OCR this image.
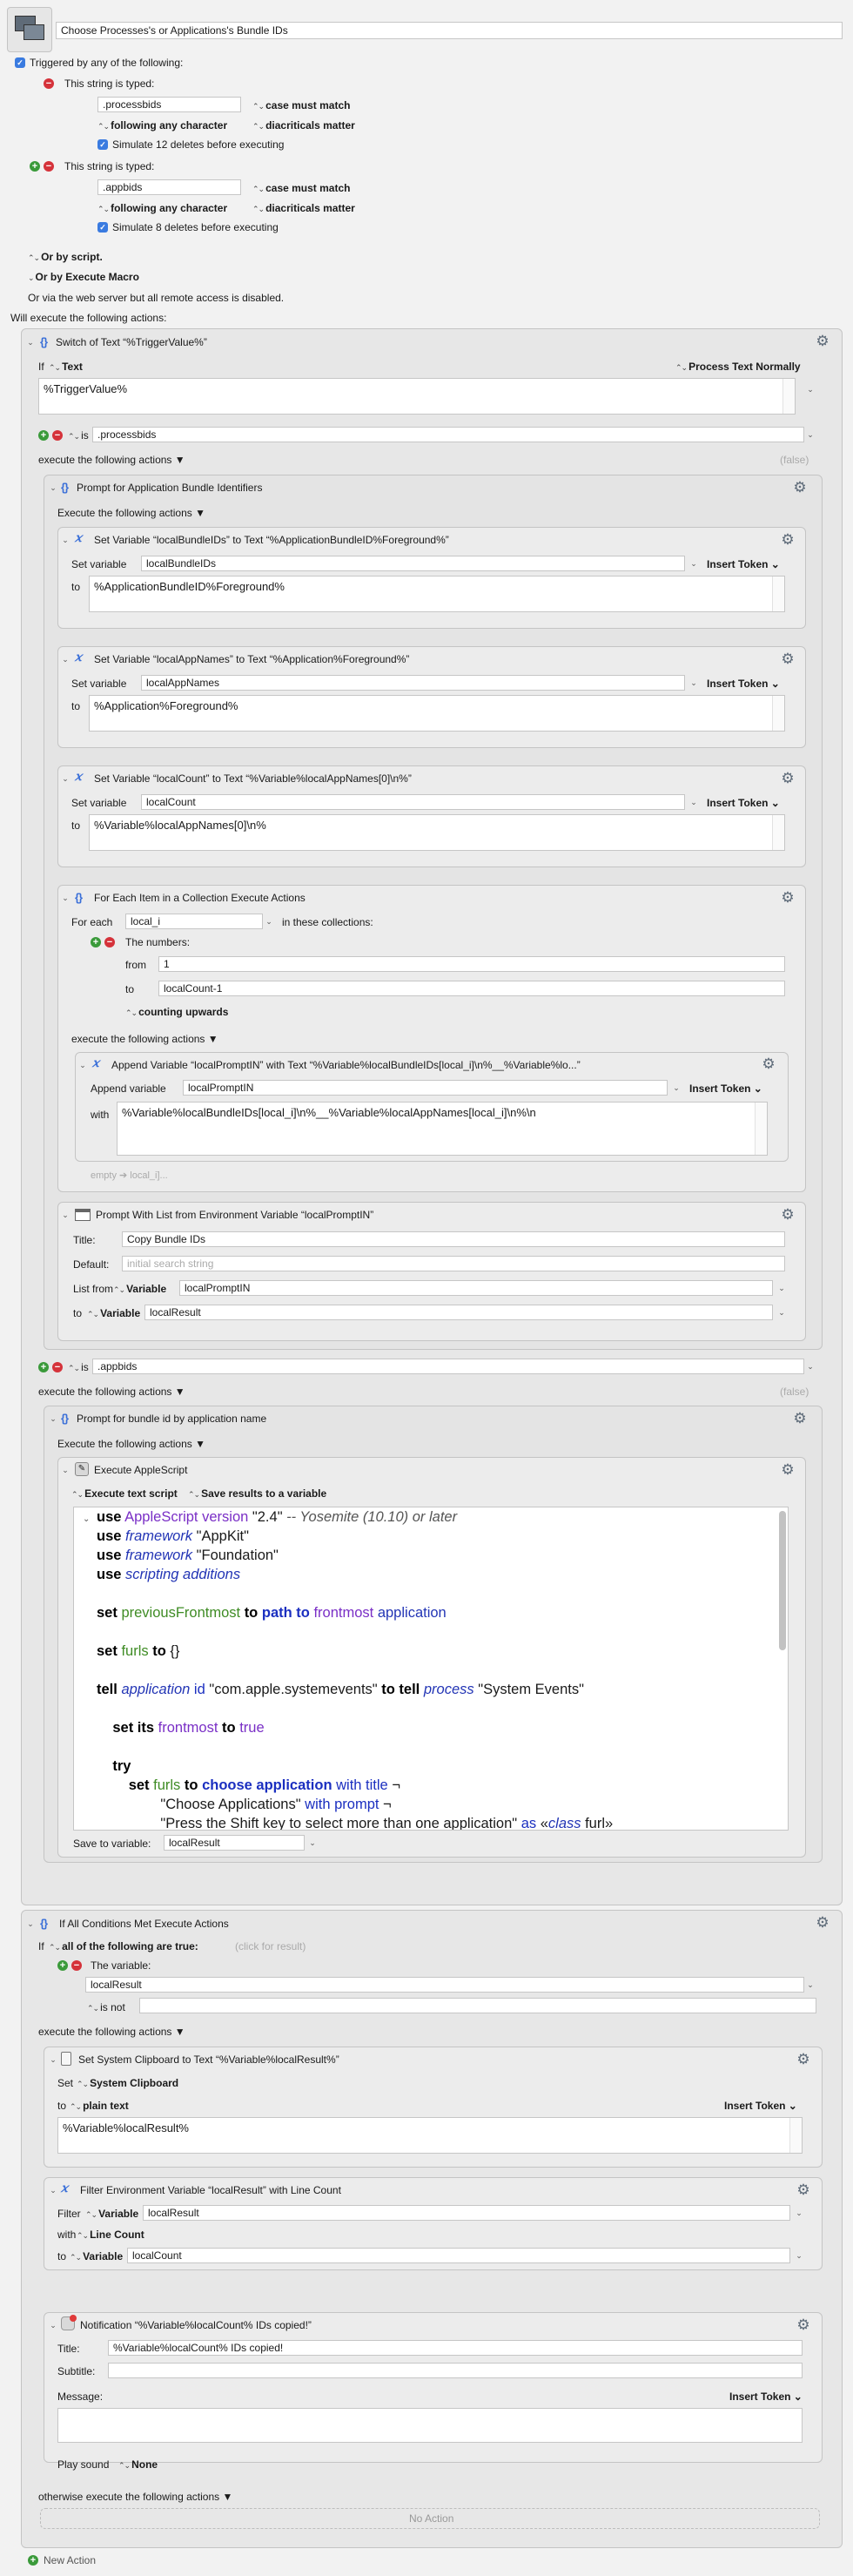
Choose Processes's or Applications's Bundle IDs
✓ Triggered by any of the following:
− This string is typed:
.processbids	⌃⌄ case must match
⌃⌄ following any character	⌃⌄ diacriticals matter
✓ Simulate 12 deletes before executing
+ − This string is typed:
.appbids	⌃⌄ case must match
⌃⌄ following any character	⌃⌄ diacriticals matter
✓ Simulate 8 deletes before executing
⌃⌄ Or by script.
⌄ Or by Execute Macro
Or via the web server but all remote access is disabled.
Will execute the following actions:
⌄ {} Switch of Text “%TriggerValue%”	⚙
If ⌃⌄ Text	⌃⌄ Process Text Normally
%TriggerValue%	⌄
+ − ⌃⌄ is .processbids	⌄
execute the following actions ▼	(false)
⌄ {} Prompt for Application Bundle Identifiers	⚙
Execute the following actions ▼
⌄ 𝑥 Set Variable “localBundleIDs” to Text “%ApplicationBundleID%Foreground%”	⚙
Set variable	localBundleIDs	⌄ Insert Token ⌄
to	%ApplicationBundleID%Foreground%
⌄ 𝑥 Set Variable “localAppNames” to Text “%Application%Foreground%”	⚙
Set variable	localAppNames	⌄ Insert Token ⌄
to	%Application%Foreground%
⌄ 𝑥 Set Variable “localCount” to Text “%Variable%localAppNames[0]\n%”	⚙
Set variable	localCount	⌄ Insert Token ⌄
to	%Variable%localAppNames[0]\n%
⌄ {} For Each Item in a Collection Execute Actions	⚙
For each	local_i	⌄ in these collections:
+ − The numbers:
from	1
to	localCount-1
⌃⌄ counting upwards
execute the following actions ▼
⌄ 𝑥 Append Variable “localPromptIN” with Text “%Variable%localBundleIDs[local_i]\n%__%Variable%lo...”	⚙
Append variable	localPromptIN	⌄ Insert Token ⌄
with	%Variable%localBundleIDs[local_i]\n%__%Variable%localAppNames[local_i]\n%\n
empty ➔ local_i]...
⌄	Prompt With List from Environment Variable “localPromptIN”	⚙
Title:	Copy Bundle IDs
Default:	initial search string
List from ⌃⌄ Variable	localPromptIN	⌄
to ⌃⌄ Variable localResult	⌄
+ − ⌃⌄ is .appbids	⌄
execute the following actions ▼	(false)
⌄ {} Prompt for bundle id by application name	⚙
Execute the following actions ▼
⌄	✎ Execute AppleScript	⚙
⌃⌄ Execute text script ⌃⌄ Save results to a variable
⌄ use AppleScript version "2.4" -- Yosemite (10.10) or later
use framework "AppKit"
use framework "Foundation"
use scripting additions
set previousFrontmost to path to frontmost application
set furls to {}
tell application id "com.apple.systemevents" to tell process "System Events"
set its frontmost to true
try
set furls to choose application with title ¬
"Choose Applications" with prompt ¬
"Press the Shift key to select more than one application" as «class furl»
Save to variable:	localResult	⌄
⌄ {} If All Conditions Met Execute Actions	⚙
If ⌃⌄ all of the following are true:	(click for result)
+ − The variable:
localResult	⌄
⌃⌄ is not
execute the following actions ▼
⌄ Set System Clipboard to Text “%Variable%localResult%”	⚙
Set ⌃⌄ System Clipboard
to ⌃⌄ plain text	Insert Token ⌄
%Variable%localResult%
⌄ 𝑥 Filter Environment Variable “localResult” with Line Count	⚙
Filter ⌃⌄ Variable localResult	⌄
with ⌃⌄ Line Count
to ⌃⌄ Variable localCount	⌄
⌄ Notification “%Variable%localCount% IDs copied!”	⚙
Title:	%Variable%localCount% IDs copied!
Subtitle:
Message:	Insert Token ⌄
Play sound ⌃⌄ None
otherwise execute the following actions ▼
No Action
+ New Action
